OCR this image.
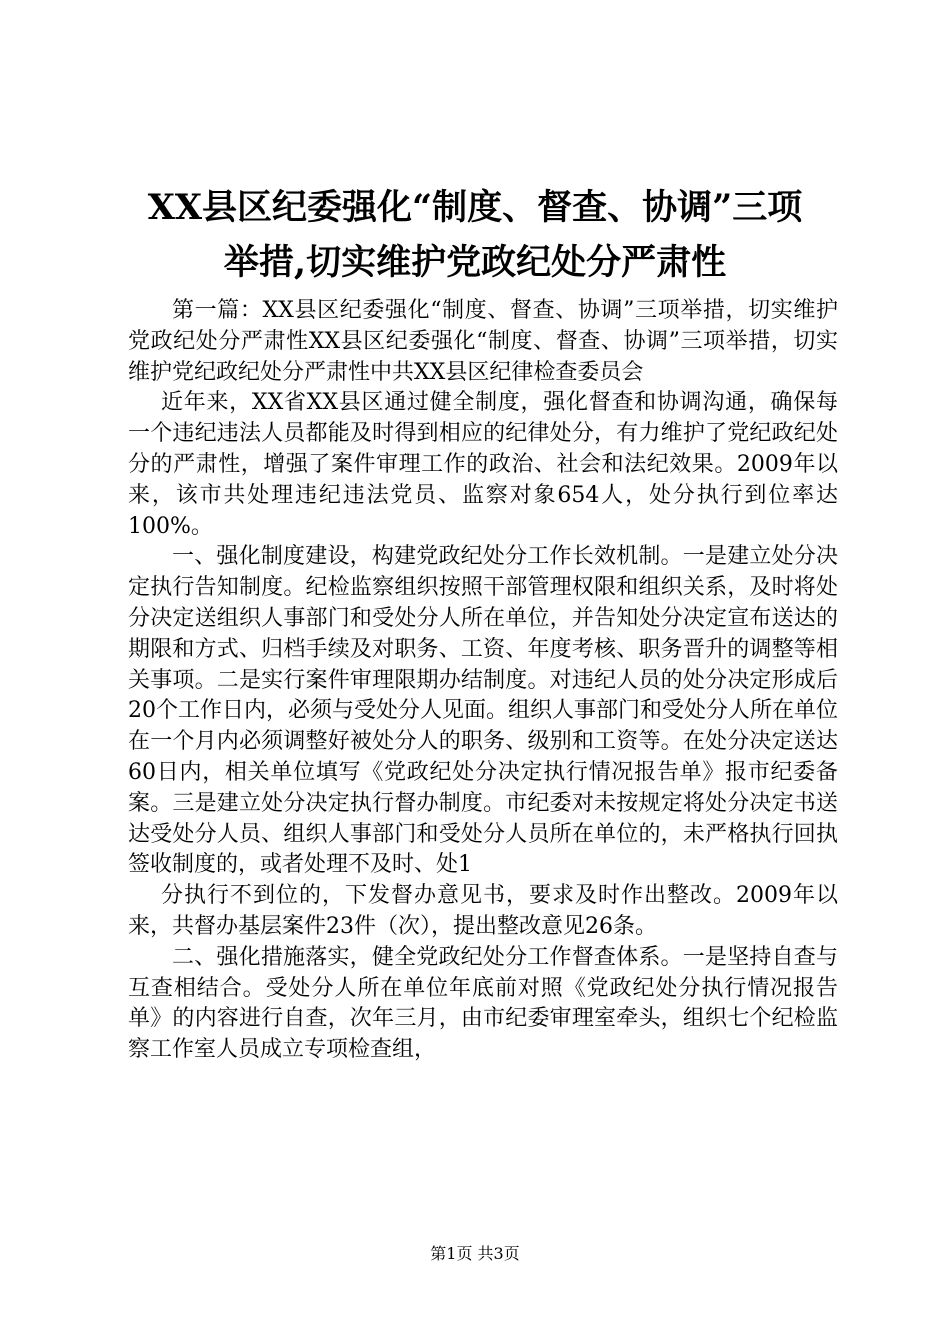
XX县区纪委强化“制度、督查、协调”三项
举措,切实维护党政纪处分严肃性

第一篇：XX县区纪委强化“制度、督查、协调”三项举措，切实维护党政纪处分严肃性XX县区纪委强化“制度、督查、协调”三项举措，切实维护党纪政纪处分严肃性中共XX县区纪律检查委员会

近年来，XX省XX县区通过健全制度，强化督查和协调沟通，确保每一个违纪违法人员都能及时得到相应的纪律处分，有力维护了党纪政纪处分的严肃性，增强了案件审理工作的政治、社会和法纪效果。2009年以来，该市共处理违纪违法党员、监察对象654人，处分执行到位率达100%。

一、强化制度建设，构建党政纪处分工作长效机制。一是建立处分决定执行告知制度。纪检监察组织按照干部管理权限和组织关系，及时将处分决定送组织人事部门和受处分人所在单位，并告知处分决定宣布送达的期限和方式、归档手续及对职务、工资、年度考核、职务晋升的调整等相关事项。二是实行案件审理限期办结制度。对违纪人员的处分决定形成后20个工作日内，必须与受处分人见面。组织人事部门和受处分人所在单位在一个月内必须调整好被处分人的职务、级别和工资等。在处分决定送达60日内，相关单位填写《党政纪处分决定执行情况报告单》报市纪委备案。三是建立处分决定执行督办制度。市纪委对未按规定将处分决定书送达受处分人员、组织人事部门和受处分人员所在单位的，未严格执行回执签收制度的，或者处理不及时、处1

分执行不到位的，下发督办意见书，要求及时作出整改。2009年以来，共督办基层案件23件（次），提出整改意见26条。

二、强化措施落实，健全党政纪处分工作督查体系。一是坚持自查与互查相结合。受处分人所在单位年底前对照《党政纪处分执行情况报告单》的内容进行自查，次年三月，由市纪委审理室牵头，组织七个纪检监察工作室人员成立专项检查组，

第1页 共3页
